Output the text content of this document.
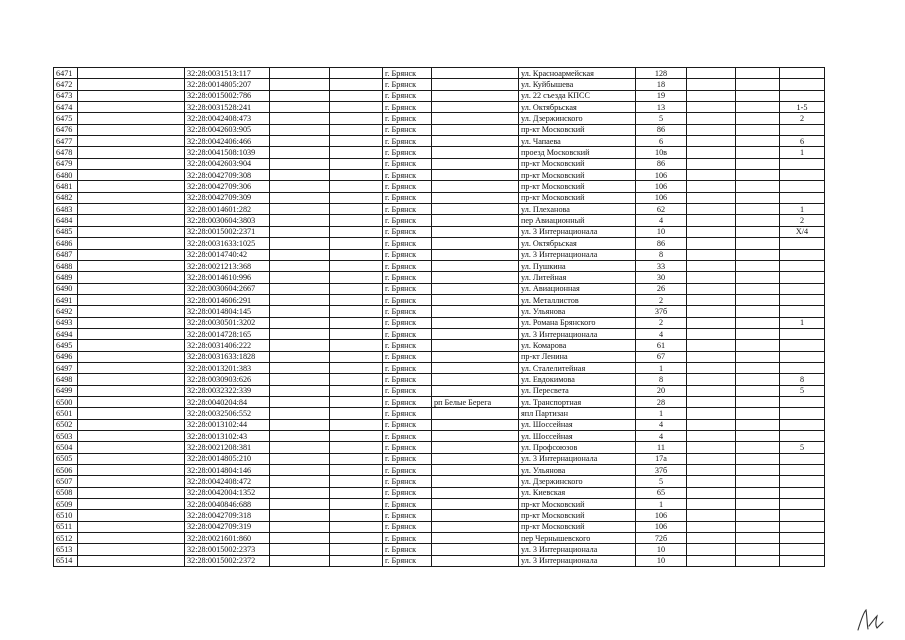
6471		32:28:0031513:117			г. Брянск		ул. Красноармейская	128			
6472		32:28:0014805:207			г. Брянск		ул. Куйбышева	18			
6473		32:28:0015002:786			г. Брянск		ул. 22 съезда КПСС	19			
6474		32:28:0031528:241			г. Брянск		ул. Октябрьская	13			1-5
6475		32:28:0042408:473			г. Брянск		ул. Дзержинского	5			2
6476		32:28:0042603:905			г. Брянск		пр-кт Московский	86			
6477		32:28:0042406:466			г. Брянск		ул. Чапаева	6			6
6478		32:28:0041508:1039			г. Брянск		проезд Московский	10в			1
6479		32:28:0042603:904			г. Брянск		пр-кт Московский	86			
6480		32:28:0042709:308			г. Брянск		пр-кт Московский	106			
6481		32:28:0042709:306			г. Брянск		пр-кт Московский	106			
6482		32:28:0042709:309			г. Брянск		пр-кт Московский	106			
6483		32:28:0014601:282			г. Брянск		ул. Плеханова	62			1
6484		32:28:0030604:3803			г. Брянск		пер Авиационный	4			2
6485		32:28:0015002:2371			г. Брянск		ул. 3 Интернационала	10			Х/4
6486		32:28:0031633:1025			г. Брянск		ул. Октябрьская	86			
6487		32:28:0014740:42			г. Брянск		ул. 3 Интернационала	8			
6488		32:28:0021213:368			г. Брянск		ул. Пушкина	33			
6489		32:28:0014610:996			г. Брянск		ул. Литейная	30			
6490		32:28:0030604:2667			г. Брянск		ул. Авиационная	26			
6491		32:28:0014606:291			г. Брянск		ул. Металлистов	2			
6492		32:28:0014804:145			г. Брянск		ул. Ульянова	37б			
6493		32:28:0030501:3202			г. Брянск		ул. Романа Брянского	2			1
6494		32:28:0014728:165			г. Брянск		ул. 3 Интернационала	4			
6495		32:28:0031406:222			г. Брянск		ул. Комарова	61			
6496		32:28:0031633:1828			г. Брянск		пр-кт Ленина	67			
6497		32:28:0013201:383			г. Брянск		ул. Сталелитейная	1			
6498		32:28:0030903:626			г. Брянск		ул. Евдокимова	8			8
6499		32:28:0032322:339			г. Брянск		ул. Пересвета	20			5
6500		32:28:0040204:84			г. Брянск	рп Белые Берега	ул. Транспортная	28			
6501		32:28:0032506:552			г. Брянск		япл Партизан	1			
6502		32:28:0013102:44			г. Брянск		ул. Шоссейная	4			
6503		32:28:0013102:43			г. Брянск		ул. Шоссейная	4			
6504		32:28:0021208:381			г. Брянск		ул. Профсоюзов	11			5
6505		32:28:0014805:210			г. Брянск		ул. 3 Интернационала	17а			
6506		32:28:0014804:146			г. Брянск		ул. Ульянова	37б			
6507		32:28:0042408:472			г. Брянск		ул. Дзержинского	5			
6508		32:28:0042004:1352			г. Брянск		ул. Киевская	65			
6509		32:28:0040846:688			г. Брянск		пр-кт Московский	1			
6510		32:28:0042709:318			г. Брянск		пр-кт Московский	106			
6511		32:28:0042709:319			г. Брянск		пр-кт Московский	106			
6512		32:28:0021601:860			г. Брянск		пер Чернышевского	72б			
6513		32:28:0015002:2373			г. Брянск		ул. 3 Интернационала	10			
6514		32:28:0015002:2372			г. Брянск		ул. 3 Интернационала	10			
